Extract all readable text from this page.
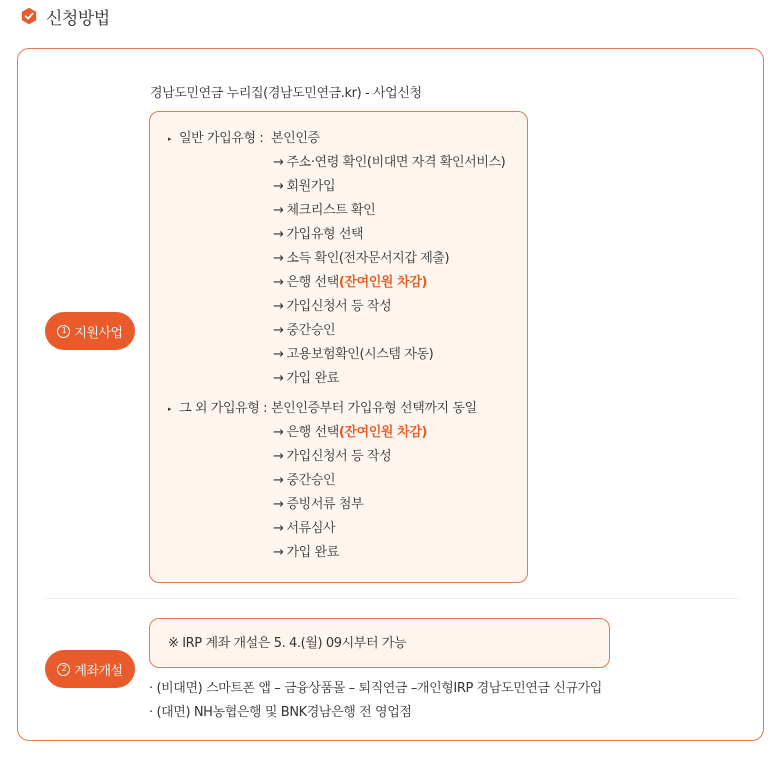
신청방법
1 지원사업
경남도민연금 누리집(경남도민연금.kr) - 사업신청
▸ 일반 가입유형 : 본인인증
→ 주소·연령 확인(비대면 자격 확인서비스)
→ 회원가입
→ 체크리스트 확인
→ 가입유형 선택
→ 소득 확인(전자문서지갑 제출)
→ 은행 선택(잔여인원 차감)
→ 가입신청서 등 작성
→ 중간승인
→ 고용보험확인(시스템 자동)
→ 가입 완료
▸ 그 외 가입유형 : 본인인증부터 가입유형 선택까지 동일
→ 은행 선택(잔여인원 차감)
→ 가입신청서 등 작성
→ 중간승인
→ 증빙서류 첨부
→ 서류심사
→ 가입 완료
2 계좌개설
※ IRP 계좌 개설은 5. 4.(월) 09시부터 가능
· (비대면) 스마트폰 앱 – 금융상품몰 – 퇴직연금 –개인형IRP 경남도민연금 신규가입
· (대면) NH농협은행 및 BNK경남은행 전 영업점
